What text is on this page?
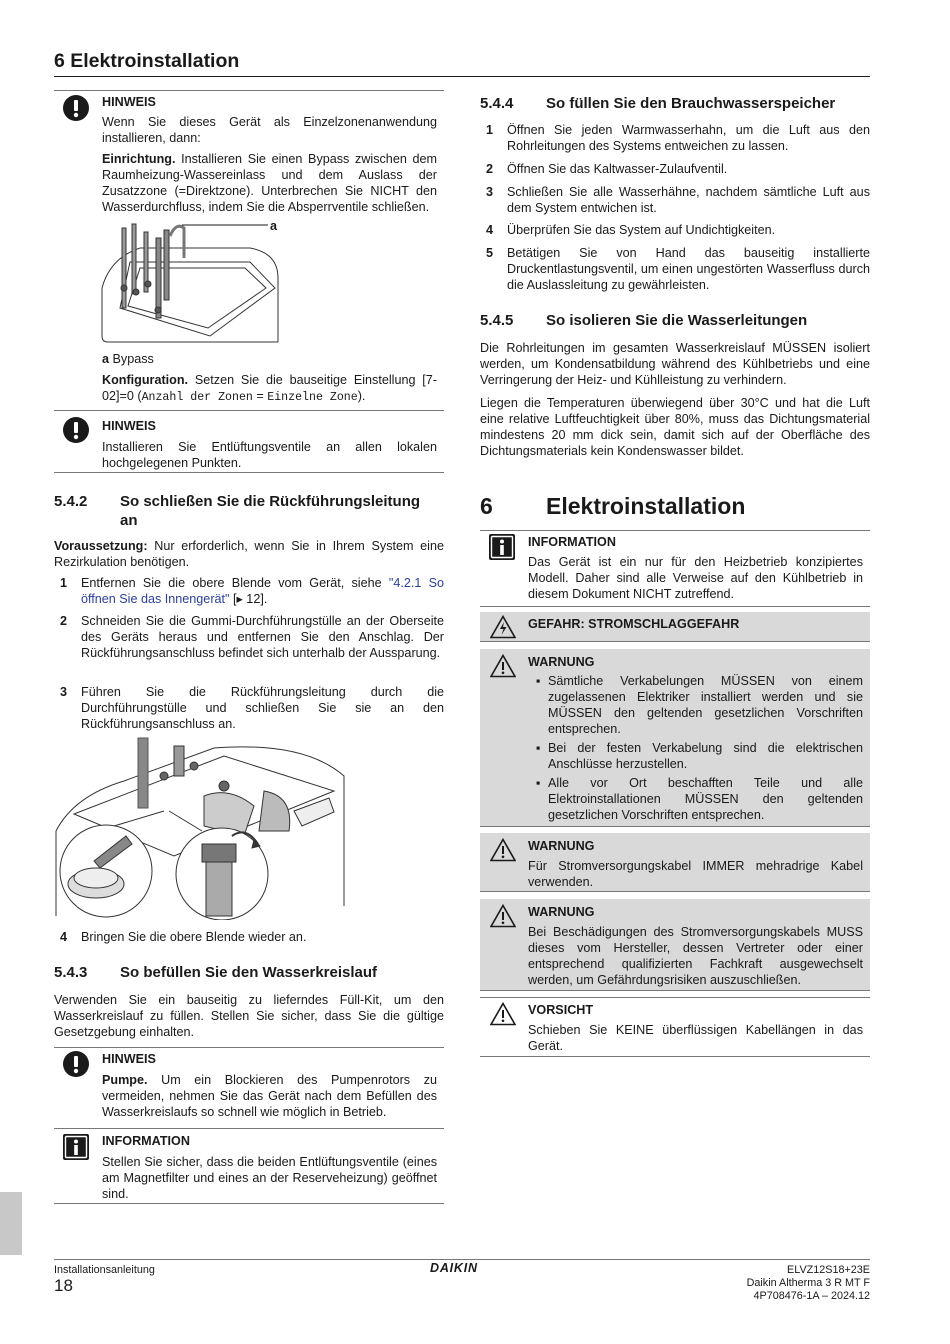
6 Elektroinstallation
HINWEIS
Wenn Sie dieses Gerät als Einzelzonenanwendung installieren, dann:
Einrichtung. Installieren Sie einen Bypass zwischen dem Raumheizung-Wassereinlass und dem Auslass der Zusatzzone (=Direktzone). Unterbrechen Sie NICHT den Wasserdurchfluss, indem Sie die Absperrventile schließen.
a
a Bypass
Konfiguration. Setzen Sie die bauseitige Einstellung [7-02]=0 (Anzahl der Zonen = Einzelne Zone).
HINWEIS
Installieren Sie Entlüftungsventile an allen lokalen hochgelegenen Punkten.
5.4.2 So schließen Sie die Rückführungsleitung an
Voraussetzung: Nur erforderlich, wenn Sie in Ihrem System eine Rezirkulation benötigen.
1 Entfernen Sie die obere Blende vom Gerät, siehe "4.2.1 So öffnen Sie das Innengerät" [▸ 12].
2 Schneiden Sie die Gummi-Durchführungstülle an der Oberseite des Geräts heraus und entfernen Sie den Anschlag. Der Rückführungsanschluss befindet sich unterhalb der Aussparung.
3 Führen Sie die Rückführungsleitung durch die Durchführungstülle und schließen Sie sie an den Rückführungsanschluss an.
4 Bringen Sie die obere Blende wieder an.
5.4.3 So befüllen Sie den Wasserkreislauf
Verwenden Sie ein bauseitig zu lieferndes Füll-Kit, um den Wasserkreislauf zu füllen. Stellen Sie sicher, dass Sie die gültige Gesetzgebung einhalten.
HINWEIS
Pumpe. Um ein Blockieren des Pumpenrotors zu vermeiden, nehmen Sie das Gerät nach dem Befüllen des Wasserkreislaufs so schnell wie möglich in Betrieb.
INFORMATION
Stellen Sie sicher, dass die beiden Entlüftungsventile (eines am Magnetfilter und eines an der Reserveheizung) geöffnet sind.
5.4.4 So füllen Sie den Brauchwasserspeicher
1 Öffnen Sie jeden Warmwasserhahn, um die Luft aus den Rohrleitungen des Systems entweichen zu lassen.
2 Öffnen Sie das Kaltwasser-Zulaufventil.
3 Schließen Sie alle Wasserhähne, nachdem sämtliche Luft aus dem System entwichen ist.
4 Überprüfen Sie das System auf Undichtigkeiten.
5 Betätigen Sie von Hand das bauseitig installierte Druckentlastungsventil, um einen ungestörten Wasserfluss durch die Auslassleitung zu gewährleisten.
5.4.5 So isolieren Sie die Wasserleitungen
Die Rohrleitungen im gesamten Wasserkreislauf MÜSSEN isoliert werden, um Kondensatbildung während des Kühlbetriebs und eine Verringerung der Heiz- und Kühlleistung zu verhindern.
Liegen die Temperaturen überwiegend über 30°C und hat die Luft eine relative Luftfeuchtigkeit über 80%, muss das Dichtungsmaterial mindestens 20 mm dick sein, damit sich auf der Oberfläche des Dichtungsmaterials kein Kondenswasser bildet.
6 Elektroinstallation
INFORMATION
Das Gerät ist ein nur für den Heizbetrieb konzipiertes Modell. Daher sind alle Verweise auf den Kühlbetrieb in diesem Dokument NICHT zutreffend.
GEFAHR: STROMSCHLAGGEFAHR
WARNUNG
▪ Sämtliche Verkabelungen MÜSSEN von einem zugelassenen Elektriker installiert werden und sie MÜSSEN den geltenden gesetzlichen Vorschriften entsprechen.
▪ Bei der festen Verkabelung sind die elektrischen Anschlüsse herzustellen.
▪ Alle vor Ort beschafften Teile und alle Elektroinstallationen MÜSSEN den geltenden gesetzlichen Vorschriften entsprechen.
WARNUNG
Für Stromversorgungskabel IMMER mehradrige Kabel verwenden.
WARNUNG
Bei Beschädigungen des Stromversorgungskabels MUSS dieses vom Hersteller, dessen Vertreter oder einer entsprechend qualifizierten Fachkraft ausgewechselt werden, um Gefährdungsrisiken auszuschließen.
VORSICHT
Schieben Sie KEINE überflüssigen Kabellängen in das Gerät.
Installationsanleitung
18
DAIKIN	ELVZ12S18+23E
Daikin Altherma 3 R MT F
4P708476-1A – 2024.12
